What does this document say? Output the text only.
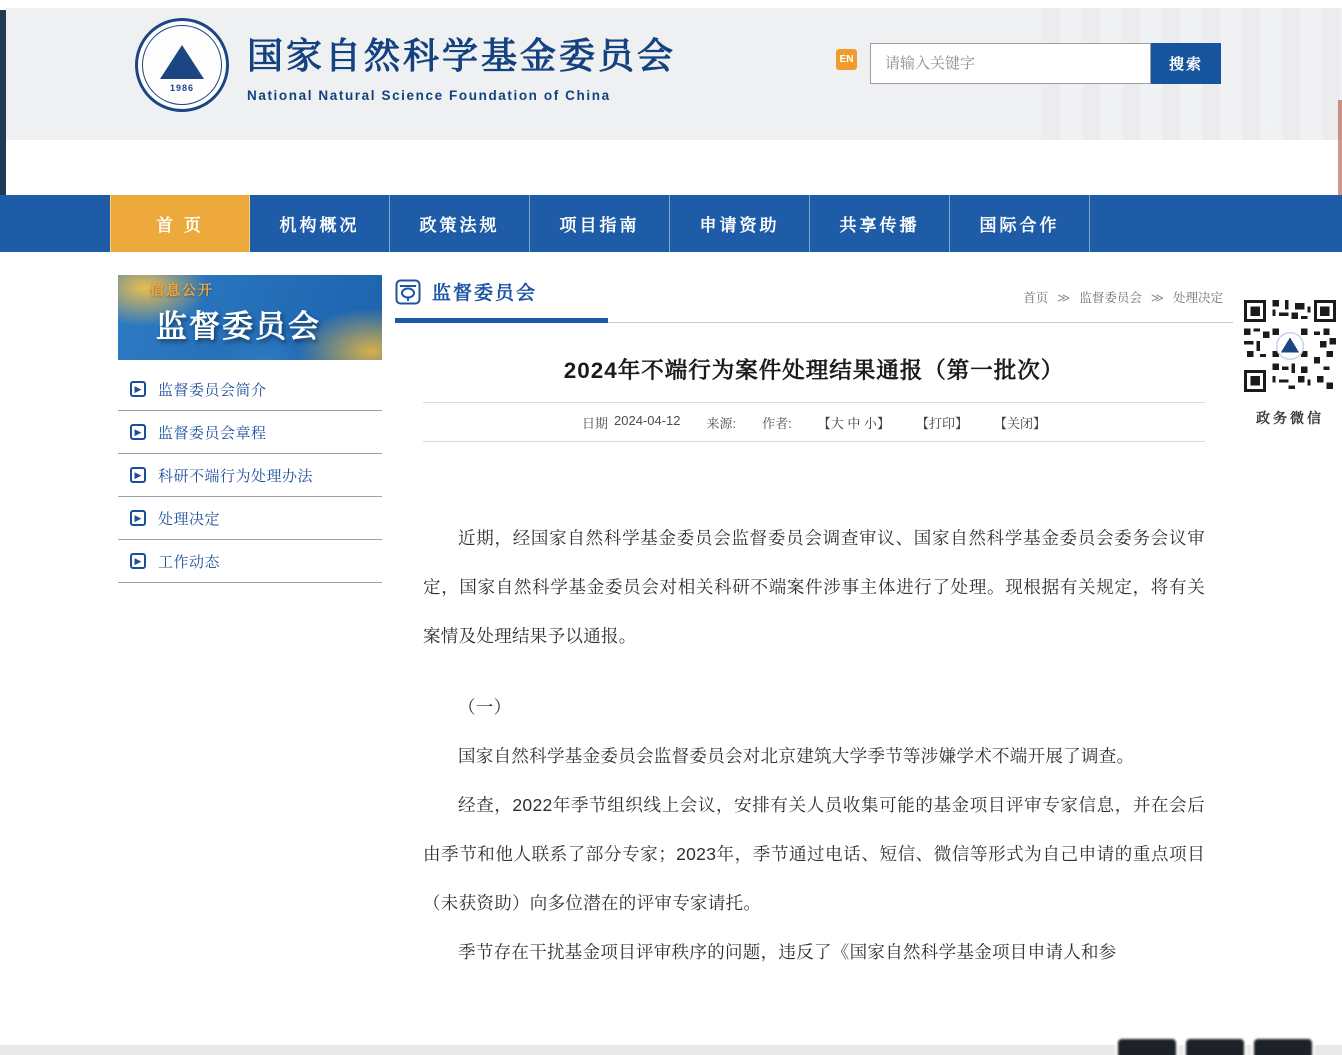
1986
国家自然科学基金委员会
National Natural Science Foundation of China
EN
请输入关键字	搜索
首 页	机构概况	政策法规	项目指南	申请资助	共享传播	国际合作
信息公开
监督委员会
▶	监督委员会简介
▶	监督委员会章程
▶	科研不端行为处理办法
▶	处理决定
▶	工作动态
监督委员会	首页 ≫ 监督委员会 ≫ 处理决定
2024年不端行为案件处理结果通报（第一批次）
日期 2024-04-12 来源: 作者: 【大 中 小】 【打印】 【关闭】

近期，经国家自然科学基金委员会监督委员会调查审议、国家自然科学基金委员会委务会议审定，国家自然科学基金委员会对相关科研不端案件涉事主体进行了处理。现根据有关规定，将有关案情及处理结果予以通报。

（一）

国家自然科学基金委员会监督委员会对北京建筑大学季节等涉嫌学术不端开展了调查。

经查，2022年季节组织线上会议，安排有关人员收集可能的基金项目评审专家信息，并在会后由季节和他人联系了部分专家；2023年，季节通过电话、短信、微信等形式为自己申请的重点项目（未获资助）向多位潜在的评审专家请托。

季节存在干扰基金项目评审秩序的问题，违反了《国家自然科学基金项目申请人和参

政务微信
